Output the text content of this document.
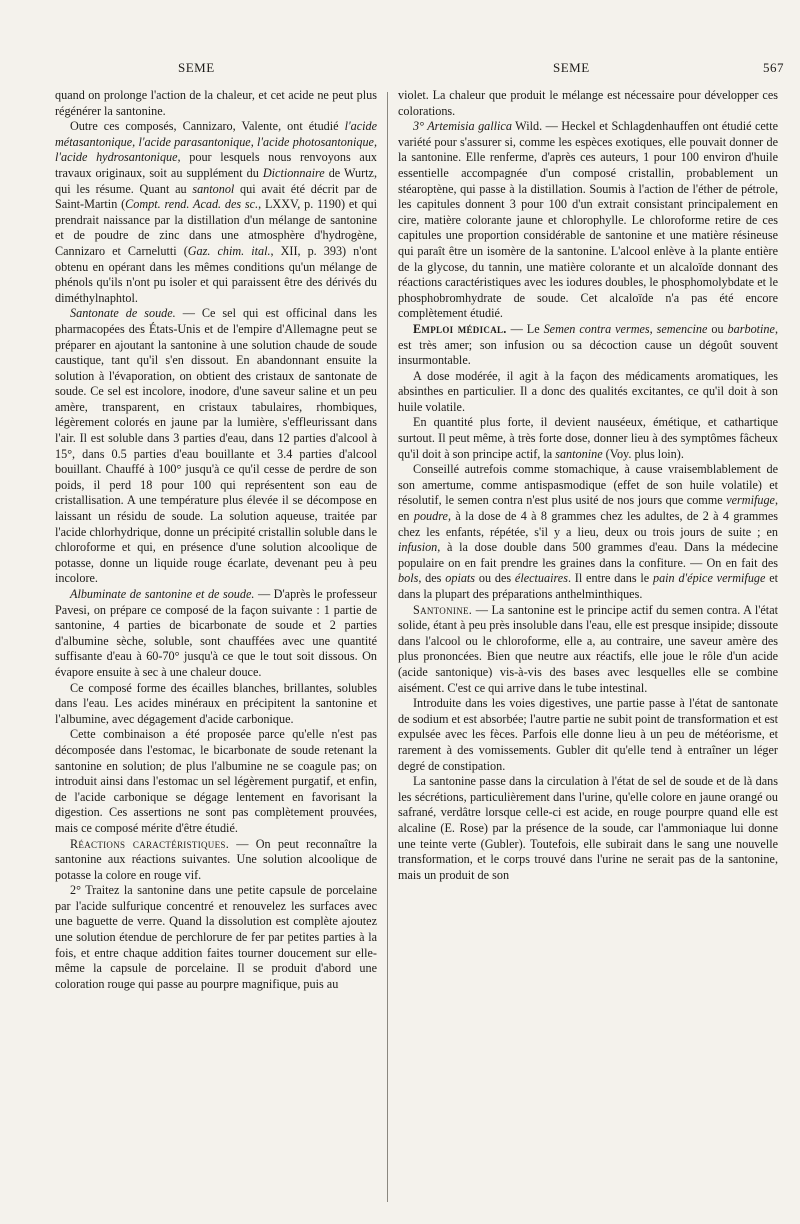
SEME	SEME	567

quand on prolonge l'action de la chaleur, et cet acide ne peut plus régénérer la santonine.

Outre ces composés, Cannizaro, Valente, ont étudié l'acide métasantonique, l'acide parasantonique, l'acide photosantonique, l'acide hydrosantonique, pour lesquels nous renvoyons aux travaux originaux, soit au supplément du Dictionnaire de Wurtz, qui les résume. Quant au santonol qui avait été décrit par de Saint-Martin (Compt. rend. Acad. des sc., LXXV, p. 1190) et qui prendrait naissance par la distillation d'un mélange de santonine et de poudre de zinc dans une atmosphère d'hydrogène, Cannizaro et Carnelutti (Gaz. chim. ital., XII, p. 393) n'ont obtenu en opérant dans les mêmes conditions qu'un mélange de phénols qu'ils n'ont pu isoler et qui paraissent être des dérivés du diméthylnaphtol.

Santonate de soude. — Ce sel qui est officinal dans les pharmacopées des États-Unis et de l'empire d'Allemagne peut se préparer en ajoutant la santonine à une solution chaude de soude caustique, tant qu'il s'en dissout. En abandonnant ensuite la solution à l'évaporation, on obtient des cristaux de santonate de soude. Ce sel est incolore, inodore, d'une saveur saline et un peu amère, transparent, en cristaux tabulaires, rhombiques, légèrement colorés en jaune par la lumière, s'effleurissant dans l'air. Il est soluble dans 3 parties d'eau, dans 12 parties d'alcool à 15°, dans 0.5 parties d'eau bouillante et 3.4 parties d'alcool bouillant. Chauffé à 100° jusqu'à ce qu'il cesse de perdre de son poids, il perd 18 pour 100 qui représentent son eau de cristallisation. A une température plus élevée il se décompose en laissant un résidu de soude. La solution aqueuse, traitée par l'acide chlorhydrique, donne un précipité cristallin soluble dans le chloroforme et qui, en présence d'une solution alcoolique de potasse, donne un liquide rouge écarlate, devenant peu à peu incolore.

Albuminate de santonine et de soude. — D'après le professeur Pavesi, on prépare ce composé de la façon suivante : 1 partie de santonine, 4 parties de bicarbonate de soude et 2 parties d'albumine sèche, soluble, sont chauffées avec une quantité suffisante d'eau à 60-70° jusqu'à ce que le tout soit dissous. On évapore ensuite à sec à une chaleur douce.

Ce composé forme des écailles blanches, brillantes, solubles dans l'eau. Les acides minéraux en précipitent la santonine et l'albumine, avec dégagement d'acide carbonique.

Cette combinaison a été proposée parce qu'elle n'est pas décomposée dans l'estomac, le bicarbonate de soude retenant la santonine en solution; de plus l'albumine ne se coagule pas; on introduit ainsi dans l'estomac un sel légèrement purgatif, et enfin, de l'acide carbonique se dégage lentement en favorisant la digestion. Ces assertions ne sont pas complètement prouvées, mais ce composé mérite d'être étudié.

Réactions caractéristiques. — On peut reconnaître la santonine aux réactions suivantes. Une solution alcoolique de potasse la colore en rouge vif.

2° Traitez la santonine dans une petite capsule de porcelaine par l'acide sulfurique concentré et renouvelez les surfaces avec une baguette de verre. Quand la dissolution est complète ajoutez une solution étendue de perchlorure de fer par petites parties à la fois, et entre chaque addition faites tourner doucement sur elle-même la capsule de porcelaine. Il se produit d'abord une coloration rouge qui passe au pourpre magnifique, puis au

violet. La chaleur que produit le mélange est nécessaire pour développer ces colorations.

3° Artemisia gallica Wild. — Heckel et Schlagdenhauffen ont étudié cette variété pour s'assurer si, comme les espèces exotiques, elle pouvait donner de la santonine. Elle renferme, d'après ces auteurs, 1 pour 100 environ d'huile essentielle accompagnée d'un composé cristallin, probablement un stéaroptène, qui passe à la distillation. Soumis à l'action de l'éther de pétrole, les capitules donnent 3 pour 100 d'un extrait consistant principalement en cire, matière colorante jaune et chlorophylle. Le chloroforme retire de ces capitules une proportion considérable de santonine et une matière résineuse qui paraît être un isomère de la santonine. L'alcool enlève à la plante entière de la glycose, du tannin, une matière colorante et un alcaloïde donnant des réactions caractéristiques avec les iodures doubles, le phosphomolybdate et le phosphobromhydrate de soude. Cet alcaloïde n'a pas été encore complètement étudié.

Emploi médical. — Le Semen contra vermes, semencine ou barbotine, est très amer; son infusion ou sa décoction cause un dégoût souvent insurmontable.

A dose modérée, il agit à la façon des médicaments aromatiques, les absinthes en particulier. Il a donc des qualités excitantes, ce qu'il doit à son huile volatile.

En quantité plus forte, il devient nauséeux, émétique, et cathartique surtout. Il peut même, à très forte dose, donner lieu à des symptômes fâcheux qu'il doit à son principe actif, la santonine (Voy. plus loin).

Conseillé autrefois comme stomachique, à cause vraisemblablement de son amertume, comme antispasmodique (effet de son huile volatile) et résolutif, le semen contra n'est plus usité de nos jours que comme vermifuge, en poudre, à la dose de 4 à 8 grammes chez les adultes, de 2 à 4 grammes chez les enfants, répétée, s'il y a lieu, deux ou trois jours de suite ; en infusion, à la dose double dans 500 grammes d'eau. Dans la médecine populaire on en fait prendre les graines dans la confiture. — On en fait des bols, des opiats ou des électuaires. Il entre dans le pain d'épice vermifuge et dans la plupart des préparations anthelminthiques.

Santonine. — La santonine est le principe actif du semen contra. A l'état solide, étant à peu près insoluble dans l'eau, elle est presque insipide; dissoute dans l'alcool ou le chloroforme, elle a, au contraire, une saveur amère des plus prononcées. Bien que neutre aux réactifs, elle joue le rôle d'un acide (acide santonique) vis-à-vis des bases avec lesquelles elle se combine aisément. C'est ce qui arrive dans le tube intestinal.

Introduite dans les voies digestives, une partie passe à l'état de santonate de sodium et est absorbée; l'autre partie ne subit point de transformation et est expulsée avec les fèces. Parfois elle donne lieu à un peu de météorisme, et rarement à des vomissements. Gubler dit qu'elle tend à entraîner un léger degré de constipation.

La santonine passe dans la circulation à l'état de sel de soude et de là dans les sécrétions, particulièrement dans l'urine, qu'elle colore en jaune orangé ou safrané, verdâtre lorsque celle-ci est acide, en rouge pourpre quand elle est alcaline (E. Rose) par la présence de la soude, car l'ammoniaque lui donne une teinte verte (Gubler). Toutefois, elle subirait dans le sang une nouvelle transformation, et le corps trouvé dans l'urine ne serait pas de la santonine, mais un produit de son
